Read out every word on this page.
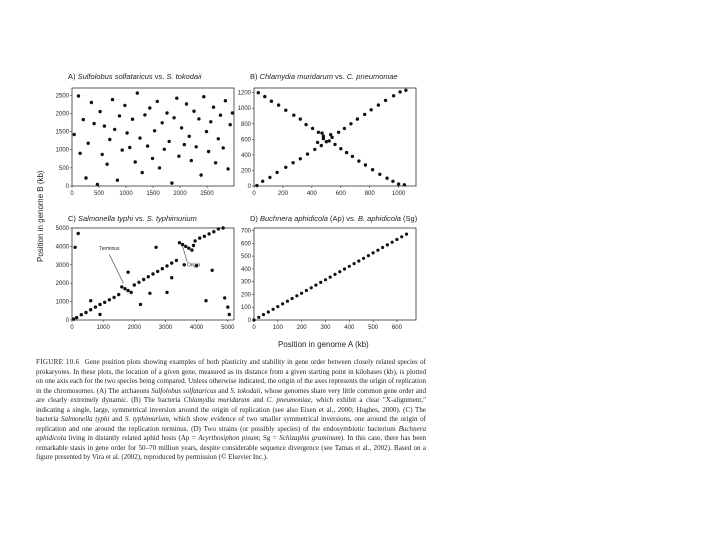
Position in genome B (kb)
Position in genome A (kb)
A) Sulfolobus solfataricus vs. S. tokodaii	B) Chlamydia muridarum vs. C. pneumoniae
C) Salmonella typhi vs. S. typhimurium	D) Buchnera aphidicola (Ap) vs. B. aphidicola (Sg)
0	500	1000 1500 2000 2500
0
500
1000
1500
2000
2500
0	200	400	600	800	1000
0
200
400
600
800
1000
1200
0	1000	2000	3000	4000	5000
0
1000
2000
3000
4000
5000
Terminus
Origin
0	100 200 300 400 500 600
0
100
200
300
400
500
600
700
FIGURE 10.6 Gene position plots showing examples of both plasticity and stability in gene order between closely related species of prokaryotes. In these plots, the location of a given gene, measured as its distance from a given starting point in kilobases (kb), is plotted on one axis each for the two species being compared. Unless otherwise indicated, the origin of the axes represents the origin of replication in the chromosomes. (A) The archaeons Sulfolobus solfataricus and S. tokodaii, whose genomes share very little common gene order and are clearly extremely dynamic. (B) The bacteria Chlamydia muridarum and C. pneumoniae, which exhibit a clear "X-alignment," indicating a single, large, symmetrical inversion around the origin of replication (see also Eisen et al., 2000; Hughes, 2000). (C) The bacteria Salmonella typhi and S. typhimurium, which show evidence of two smaller symmetrical inversions, one around the origin of replication and one around the replication terminus. (D) Two strains (or possibly species) of the endosymbiotic bacterium Buchnera aphidicola living in distantly related aphid hosts (Ap = Acyrthosiphon pisum; Sg = Schizaphis graminum). In this case, there has been remarkable stasis in gene order for 50–70 million years, despite considerable sequence divergence (see Tamas et al., 2002). Based on a figure presented by Vira et al. (2002), reproduced by permission (© Elsevier Inc.).
